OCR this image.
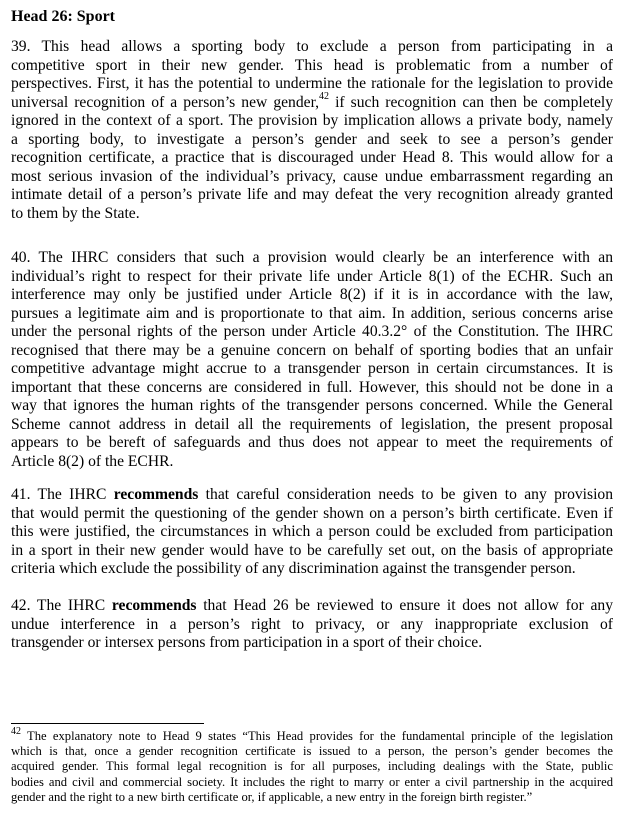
Head 26: Sport
39. This head allows a sporting body to exclude a person from participating in a
competitive sport in their new gender. This head is problematic from a number of
perspectives. First, it has the potential to undermine the rationale for the legislation to provide
universal recognition of a person’s new gender,$^{42}$ if such recognition can then be completely
ignored in the context of a sport. The provision by implication allows a private body, namely
a sporting body, to investigate a person’s gender and seek to see a person’s gender
recognition certificate, a practice that is discouraged under Head 8. This would allow for a
most serious invasion of the individual’s privacy, cause undue embarrassment regarding an
intimate detail of a person’s private life and may defeat the very recognition already granted
to them by the State.
40. The IHRC considers that such a provision would clearly be an interference with an
individual’s right to respect for their private life under Article 8(1) of the ECHR. Such an
interference may only be justified under Article 8(2) if it is in accordance with the law,
pursues a legitimate aim and is proportionate to that aim. In addition, serious concerns arise
under the personal rights of the person under Article 40.3.2° of the Constitution. The IHRC
recognised that there may be a genuine concern on behalf of sporting bodies that an unfair
competitive advantage might accrue to a transgender person in certain circumstances. It is
important that these concerns are considered in full. However, this should not be done in a
way that ignores the human rights of the transgender persons concerned. While the General
Scheme cannot address in detail all the requirements of legislation, the present proposal
appears to be bereft of safeguards and thus does not appear to meet the requirements of
Article 8(2) of the ECHR.
41. The IHRC recommends that careful consideration needs to be given to any provision
that would permit the questioning of the gender shown on a person’s birth certificate. Even if
this were justified, the circumstances in which a person could be excluded from participation
in a sport in their new gender would have to be carefully set out, on the basis of appropriate
criteria which exclude the possibility of any discrimination against the transgender person.
42. The IHRC recommends that Head 26 be reviewed to ensure it does not allow for any
undue interference in a person’s right to privacy, or any inappropriate exclusion of
transgender or intersex persons from participation in a sport of their choice.
$^{42}$ The explanatory note to Head 9 states “This Head provides for the fundamental principle of the legislation
which is that, once a gender recognition certificate is issued to a person, the person’s gender becomes the
acquired gender. This formal legal recognition is for all purposes, including dealings with the State, public
bodies and civil and commercial society. It includes the right to marry or enter a civil partnership in the acquired
gender and the right to a new birth certificate or, if applicable, a new entry in the foreign birth register.”
